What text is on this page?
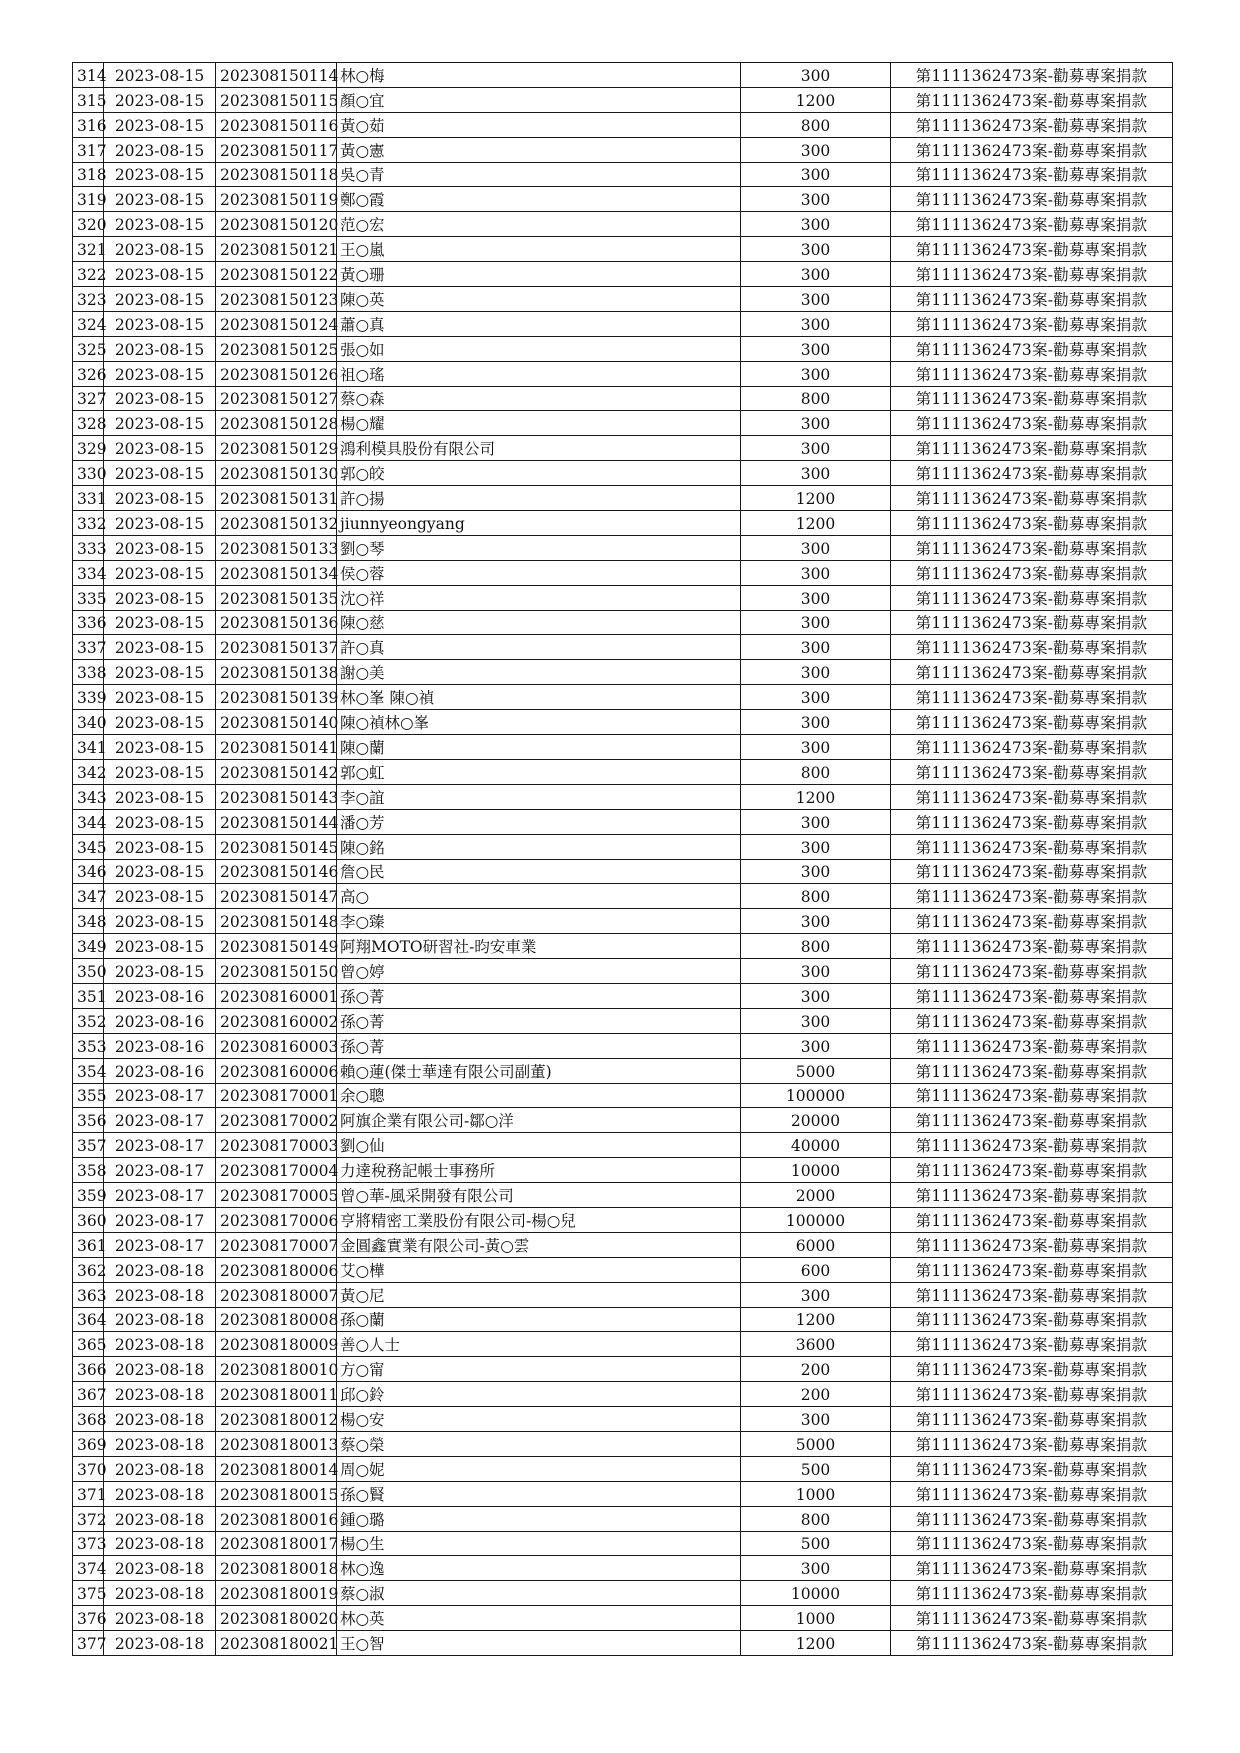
314	2023-08-15	202308150114	林○梅	300	第1111362473案-勸募專案捐款
315	2023-08-15	202308150115	顏○宜	1200	第1111362473案-勸募專案捐款
316	2023-08-15	202308150116	黃○茹	800	第1111362473案-勸募專案捐款
317	2023-08-15	202308150117	黃○憲	300	第1111362473案-勸募專案捐款
318	2023-08-15	202308150118	吳○青	300	第1111362473案-勸募專案捐款
319	2023-08-15	202308150119	鄭○霞	300	第1111362473案-勸募專案捐款
320	2023-08-15	202308150120	范○宏	300	第1111362473案-勸募專案捐款
321	2023-08-15	202308150121	王○嵐	300	第1111362473案-勸募專案捐款
322	2023-08-15	202308150122	黃○珊	300	第1111362473案-勸募專案捐款
323	2023-08-15	202308150123	陳○英	300	第1111362473案-勸募專案捐款
324	2023-08-15	202308150124	蕭○真	300	第1111362473案-勸募專案捐款
325	2023-08-15	202308150125	張○如	300	第1111362473案-勸募專案捐款
326	2023-08-15	202308150126	祖○瑤	300	第1111362473案-勸募專案捐款
327	2023-08-15	202308150127	蔡○森	800	第1111362473案-勸募專案捐款
328	2023-08-15	202308150128	楊○耀	300	第1111362473案-勸募專案捐款
329	2023-08-15	202308150129	鴻利模具股份有限公司	300	第1111362473案-勸募專案捐款
330	2023-08-15	202308150130	郭○皎	300	第1111362473案-勸募專案捐款
331	2023-08-15	202308150131	許○揚	1200	第1111362473案-勸募專案捐款
332	2023-08-15	202308150132	jiunnyeongyang	1200	第1111362473案-勸募專案捐款
333	2023-08-15	202308150133	劉○琴	300	第1111362473案-勸募專案捐款
334	2023-08-15	202308150134	侯○蓉	300	第1111362473案-勸募專案捐款
335	2023-08-15	202308150135	沈○祥	300	第1111362473案-勸募專案捐款
336	2023-08-15	202308150136	陳○慈	300	第1111362473案-勸募專案捐款
337	2023-08-15	202308150137	許○真	300	第1111362473案-勸募專案捐款
338	2023-08-15	202308150138	謝○美	300	第1111362473案-勸募專案捐款
339	2023-08-15	202308150139	林○峯 陳○禎	300	第1111362473案-勸募專案捐款
340	2023-08-15	202308150140	陳○禎林○峯	300	第1111362473案-勸募專案捐款
341	2023-08-15	202308150141	陳○蘭	300	第1111362473案-勸募專案捐款
342	2023-08-15	202308150142	郭○虹	800	第1111362473案-勸募專案捐款
343	2023-08-15	202308150143	李○誼	1200	第1111362473案-勸募專案捐款
344	2023-08-15	202308150144	潘○芳	300	第1111362473案-勸募專案捐款
345	2023-08-15	202308150145	陳○銘	300	第1111362473案-勸募專案捐款
346	2023-08-15	202308150146	詹○民	300	第1111362473案-勸募專案捐款
347	2023-08-15	202308150147	高○	800	第1111362473案-勸募專案捐款
348	2023-08-15	202308150148	李○臻	300	第1111362473案-勸募專案捐款
349	2023-08-15	202308150149	阿翔MOTO研習社-昀安車業	800	第1111362473案-勸募專案捐款
350	2023-08-15	202308150150	曾○婷	300	第1111362473案-勸募專案捐款
351	2023-08-16	202308160001	孫○菁	300	第1111362473案-勸募專案捐款
352	2023-08-16	202308160002	孫○菁	300	第1111362473案-勸募專案捐款
353	2023-08-16	202308160003	孫○菁	300	第1111362473案-勸募專案捐款
354	2023-08-16	202308160006	賴○蓮(傑士華達有限公司副董)	5000	第1111362473案-勸募專案捐款
355	2023-08-17	202308170001	余○聰	100000	第1111362473案-勸募專案捐款
356	2023-08-17	202308170002	阿旗企業有限公司-鄒○洋	20000	第1111362473案-勸募專案捐款
357	2023-08-17	202308170003	劉○仙	40000	第1111362473案-勸募專案捐款
358	2023-08-17	202308170004	力達稅務記帳士事務所	10000	第1111362473案-勸募專案捐款
359	2023-08-17	202308170005	曾○華-風采開發有限公司	2000	第1111362473案-勸募專案捐款
360	2023-08-17	202308170006	亨將精密工業股份有限公司-楊○兒	100000	第1111362473案-勸募專案捐款
361	2023-08-17	202308170007	金圓鑫實業有限公司-黃○雲	6000	第1111362473案-勸募專案捐款
362	2023-08-18	202308180006	艾○樺	600	第1111362473案-勸募專案捐款
363	2023-08-18	202308180007	黃○尼	300	第1111362473案-勸募專案捐款
364	2023-08-18	202308180008	孫○蘭	1200	第1111362473案-勸募專案捐款
365	2023-08-18	202308180009	善○人士	3600	第1111362473案-勸募專案捐款
366	2023-08-18	202308180010	方○甯	200	第1111362473案-勸募專案捐款
367	2023-08-18	202308180011	邱○鈴	200	第1111362473案-勸募專案捐款
368	2023-08-18	202308180012	楊○安	300	第1111362473案-勸募專案捐款
369	2023-08-18	202308180013	蔡○榮	5000	第1111362473案-勸募專案捐款
370	2023-08-18	202308180014	周○妮	500	第1111362473案-勸募專案捐款
371	2023-08-18	202308180015	孫○賢	1000	第1111362473案-勸募專案捐款
372	2023-08-18	202308180016	鍾○璐	800	第1111362473案-勸募專案捐款
373	2023-08-18	202308180017	楊○生	500	第1111362473案-勸募專案捐款
374	2023-08-18	202308180018	林○逸	300	第1111362473案-勸募專案捐款
375	2023-08-18	202308180019	蔡○淑	10000	第1111362473案-勸募專案捐款
376	2023-08-18	202308180020	林○英	1000	第1111362473案-勸募專案捐款
377	2023-08-18	202308180021	王○智	1200	第1111362473案-勸募專案捐款
